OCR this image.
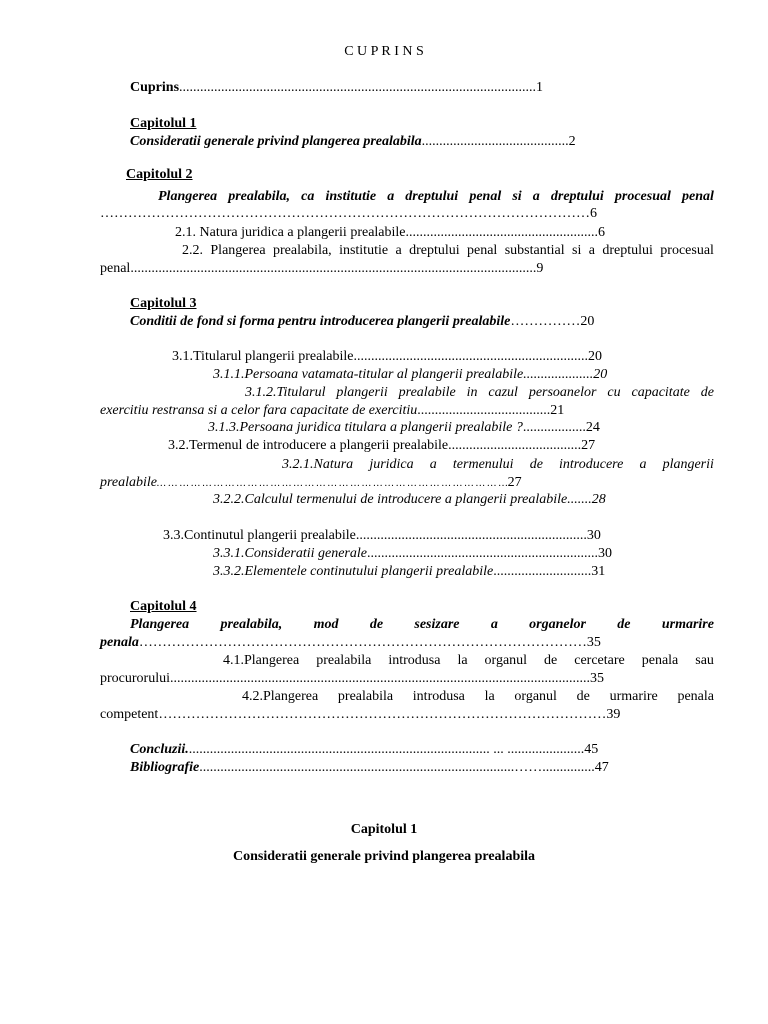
C U P R I N S
Cuprins......................................................................................................1
Capitolul 1
Consideratii generale privind plangerea prealabila..........................................2
Capitolul 2
Plangerea prealabila, ca institutie a dreptului penal si a dreptului procesual penal
……………………………………………………………………………………………6
2.1. Natura juridica a plangerii prealabile.......................................................6
2.2. Plangerea prealabila, institutie a dreptului penal substantial si a dreptului procesual
penal....................................................................................................................9
Capitolul 3
Conditii de fond si forma pentru introducerea plangerii prealabile……………20
3.1.Titularul plangerii prealabile...................................................................20
3.1.1.Persoana vatamata-titular al plangerii prealabile....................20
3.1.2.Titularul plangerii prealabile in cazul persoanelor cu capacitate de
exercitiu restransa si a celor fara capacitate de exercitiu......................................21
3.1.3.Persoana juridica titulara a plangerii prealabile ?..................24
3.2.Termenul de introducere a plangerii prealabile......................................27
3.2.1.Natura juridica a termenului de introducere a plangerii
prealabile… … … … … … … … … … … … … … … … … … … … … … … … … … … … … … …27
3.2.2.Calculul termenului de introducere a plangerii prealabile.......28
3.3.Continutul plangerii prealabile..................................................................30
3.3.1.Consideratii generale..................................................................30
3.3.2.Elementele continutului plangerii prealabile............................31
Capitolul 4
Plangerea prealabila, mod de sesizare a organelor de urmarire
penala……………………………………………………………………………………35
4.1.Plangerea prealabila introdusa la organul de cercetare penala sau
procurorului........................................................................................................................35
4.2.Plangerea prealabila introdusa la organul de urmarire penala
competent……………………………………………………………………………………39
Concluzii....................................................................................... ... ......................45
Bibliografie..........................................................................................……...............47
Capitolul 1
Consideratii generale privind plangerea prealabila
